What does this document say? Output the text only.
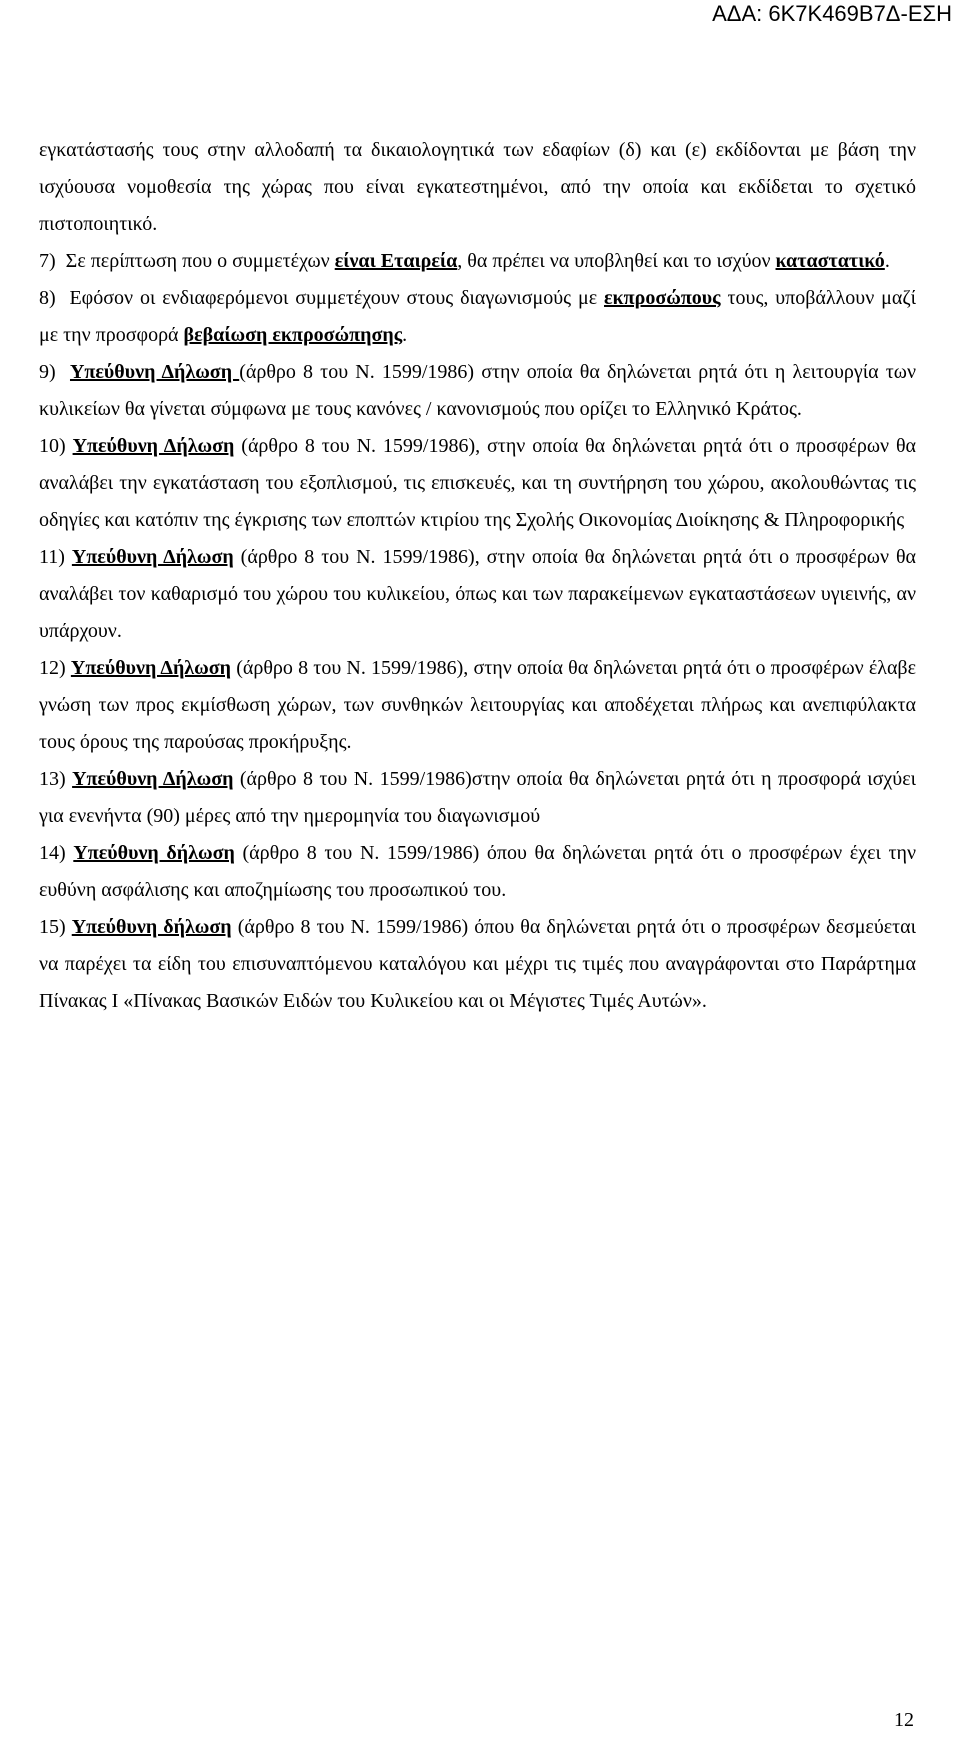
ΑΔΑ: 6Κ7Κ469Β7Δ-ΕΣΗ

εγκατάστασής τους στην αλλοδαπή τα δικαιολογητικά των εδαφίων (δ) και (ε) εκδίδονται με βάση την ισχύουσα νομοθεσία της χώρας που είναι εγκατεστημένοι, από την οποία και εκδίδεται το σχετικό πιστοποιητικό.

7) Σε περίπτωση που ο συμμετέχων είναι Εταιρεία, θα πρέπει να υποβληθεί και το ισχύον καταστατικό.

8) Εφόσον οι ενδιαφερόμενοι συμμετέχουν στους διαγωνισμούς με εκπροσώπους τους, υποβάλλουν μαζί με την προσφορά βεβαίωση εκπροσώπησης.

9) Υπεύθυνη Δήλωση (άρθρο 8 του Ν. 1599/1986) στην οποία θα δηλώνεται ρητά ότι η λειτουργία των κυλικείων θα γίνεται σύμφωνα με τους κανόνες / κανονισμούς που ορίζει το Ελληνικό Κράτος.

10) Υπεύθυνη Δήλωση (άρθρο 8 του Ν. 1599/1986), στην οποία θα δηλώνεται ρητά ότι ο προσφέρων θα αναλάβει την εγκατάσταση του εξοπλισμού, τις επισκευές, και τη συντήρηση του χώρου, ακολουθώντας τις οδηγίες και κατόπιν της έγκρισης των εποπτών κτιρίου της Σχολής Οικονομίας Διοίκησης & Πληροφορικής

11) Υπεύθυνη Δήλωση (άρθρο 8 του Ν. 1599/1986), στην οποία θα δηλώνεται ρητά ότι ο προσφέρων θα αναλάβει τον καθαρισμό του χώρου του κυλικείου, όπως και των παρακείμενων εγκαταστάσεων υγιεινής, αν υπάρχουν.

12) Υπεύθυνη Δήλωση (άρθρο 8 του Ν. 1599/1986), στην οποία θα δηλώνεται ρητά ότι ο προσφέρων έλαβε γνώση των προς εκμίσθωση χώρων, των συνθηκών λειτουργίας και αποδέχεται πλήρως και ανεπιφύλακτα τους όρους της παρούσας προκήρυξης.

13) Υπεύθυνη Δήλωση (άρθρο 8 του Ν. 1599/1986)στην οποία θα δηλώνεται ρητά ότι η προσφορά ισχύει για ενενήντα (90) μέρες από την ημερομηνία του διαγωνισμού

14) Υπεύθυνη δήλωση (άρθρο 8 του Ν. 1599/1986) όπου θα δηλώνεται ρητά ότι ο προσφέρων έχει την ευθύνη ασφάλισης και αποζημίωσης του προσωπικού του.

15) Υπεύθυνη δήλωση (άρθρο 8 του Ν. 1599/1986) όπου θα δηλώνεται ρητά ότι ο προσφέρων δεσμεύεται να παρέχει τα είδη του επισυναπτόμενου καταλόγου και μέχρι τις τιμές που αναγράφονται στο Παράρτημα Πίνακας Ι «Πίνακας Βασικών Ειδών του Κυλικείου και οι Μέγιστες Τιμές Αυτών».

12
